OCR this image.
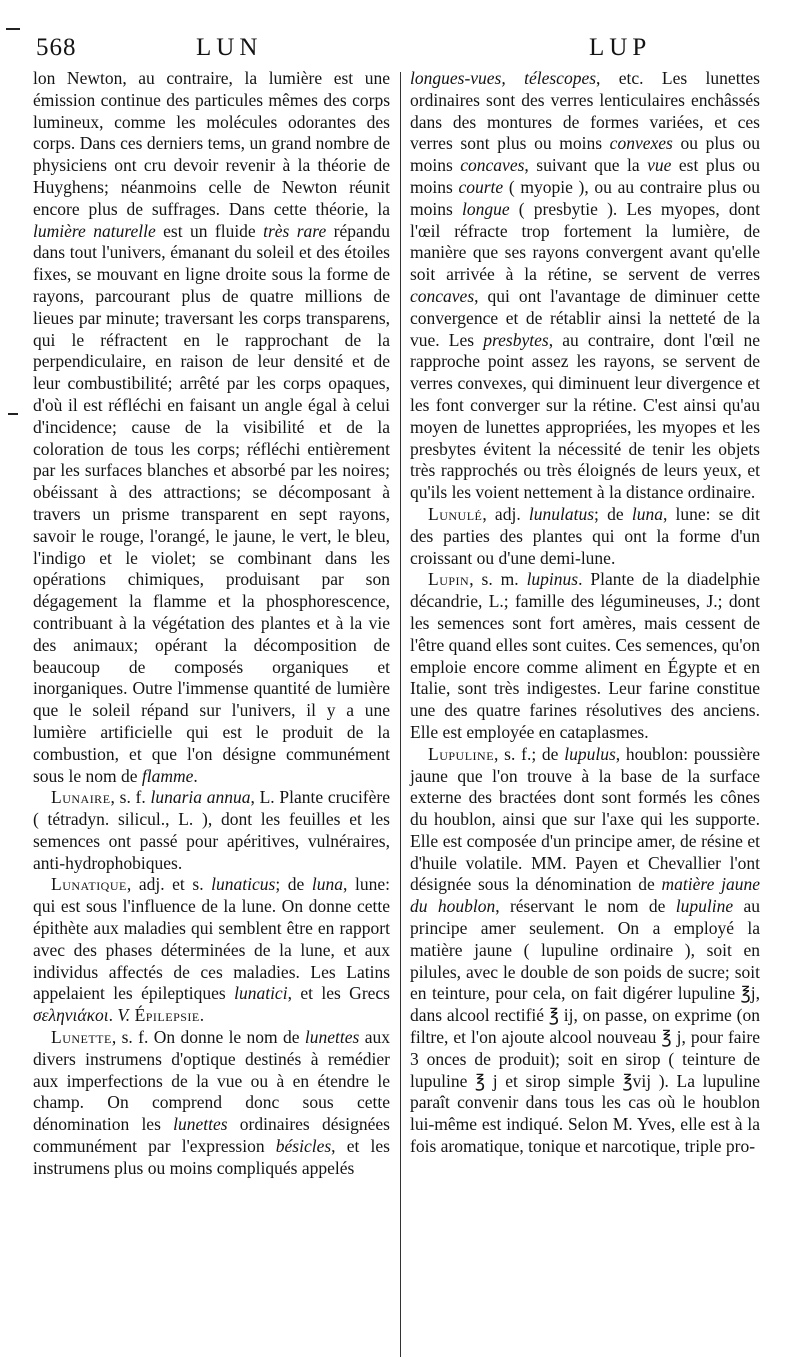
568	LUN	LUP

lon Newton, au contraire, la lumière est une émission continue des particules mêmes des corps lumineux, comme les molécules odorantes des corps. Dans ces derniers tems, un grand nombre de physiciens ont cru devoir revenir à la théorie de Huyghens; néanmoins celle de Newton réunit encore plus de suffrages. Dans cette théorie, la lumière naturelle est un fluide très rare répandu dans tout l'univers, émanant du soleil et des étoiles fixes, se mouvant en ligne droite sous la forme de rayons, parcourant plus de quatre millions de lieues par minute; traversant les corps transparens, qui le réfractent en le rapprochant de la perpendiculaire, en raison de leur densité et de leur combustibilité; arrêté par les corps opaques, d'où il est réfléchi en faisant un angle égal à celui d'incidence; cause de la visibilité et de la coloration de tous les corps; réfléchi entièrement par les surfaces blanches et absorbé par les noires; obéissant à des attractions; se décomposant à travers un prisme transparent en sept rayons, savoir le rouge, l'orangé, le jaune, le vert, le bleu, l'indigo et le violet; se combinant dans les opérations chimiques, produisant par son dégagement la flamme et la phosphorescence, contribuant à la végétation des plantes et à la vie des animaux; opérant la décomposition de beaucoup de composés organiques et inorganiques. Outre l'immense quantité de lumière que le soleil répand sur l'univers, il y a une lumière artificielle qui est le produit de la combustion, et que l'on désigne communément sous le nom de flamme.

Lunaire, s. f. lunaria annua, L. Plante crucifère ( tétradyn. silicul., L. ), dont les feuilles et les semences ont passé pour apéritives, vulnéraires, anti-hydrophobiques.

Lunatique, adj. et s. lunaticus; de luna, lune: qui est sous l'influence de la lune. On donne cette épithète aux maladies qui semblent être en rapport avec des phases déterminées de la lune, et aux individus affectés de ces maladies. Les Latins appelaient les épileptiques lunatici, et les Grecs σεληνιάκοι. V. Épilepsie.

Lunette, s. f. On donne le nom de lunettes aux divers instrumens d'optique destinés à remédier aux imperfections de la vue ou à en étendre le champ. On comprend donc sous cette dénomination les lunettes ordinaires désignées communément par l'expression bésicles, et les instrumens plus ou moins compliqués appelés

longues-vues, télescopes, etc. Les lunettes ordinaires sont des verres lenticulaires enchâssés dans des montures de formes variées, et ces verres sont plus ou moins convexes ou plus ou moins concaves, suivant que la vue est plus ou moins courte ( myopie ), ou au contraire plus ou moins longue ( presbytie ). Les myopes, dont l'œil réfracte trop fortement la lumière, de manière que ses rayons convergent avant qu'elle soit arrivée à la rétine, se servent de verres concaves, qui ont l'avantage de diminuer cette convergence et de rétablir ainsi la netteté de la vue. Les presbytes, au contraire, dont l'œil ne rapproche point assez les rayons, se servent de verres convexes, qui diminuent leur divergence et les font converger sur la rétine. C'est ainsi qu'au moyen de lunettes appropriées, les myopes et les presbytes évitent la nécessité de tenir les objets très rapprochés ou très éloignés de leurs yeux, et qu'ils les voient nettement à la distance ordinaire.

Lunulé, adj. lunulatus; de luna, lune: se dit des parties des plantes qui ont la forme d'un croissant ou d'une demi-lune.

Lupin, s. m. lupinus. Plante de la diadelphie décandrie, L.; famille des légumineuses, J.; dont les semences sont fort amères, mais cessent de l'être quand elles sont cuites. Ces semences, qu'on emploie encore comme aliment en Égypte et en Italie, sont très indigestes. Leur farine constitue une des quatre farines résolutives des anciens. Elle est employée en cataplasmes.

Lupuline, s. f.; de lupulus, houblon: poussière jaune que l'on trouve à la base de la surface externe des bractées dont sont formés les cônes du houblon, ainsi que sur l'axe qui les supporte. Elle est composée d'un principe amer, de résine et d'huile volatile. MM. Payen et Chevallier l'ont désignée sous la dénomination de matière jaune du houblon, réservant le nom de lupuline au principe amer seulement. On a employé la matière jaune ( lupuline ordinaire ), soit en pilules, avec le double de son poids de sucre; soit en teinture, pour cela, on fait digérer lupuline ℥j, dans alcool rectifié ℥ ij, on passe, on exprime (on filtre, et l'on ajoute alcool nouveau ℥ j, pour faire 3 onces de produit); soit en sirop ( teinture de lupuline ℥ j et sirop simple ℥vij ). La lupuline paraît convenir dans tous les cas où le houblon lui-même est indiqué. Selon M. Yves, elle est à la fois aromatique, tonique et narcotique, triple pro-
